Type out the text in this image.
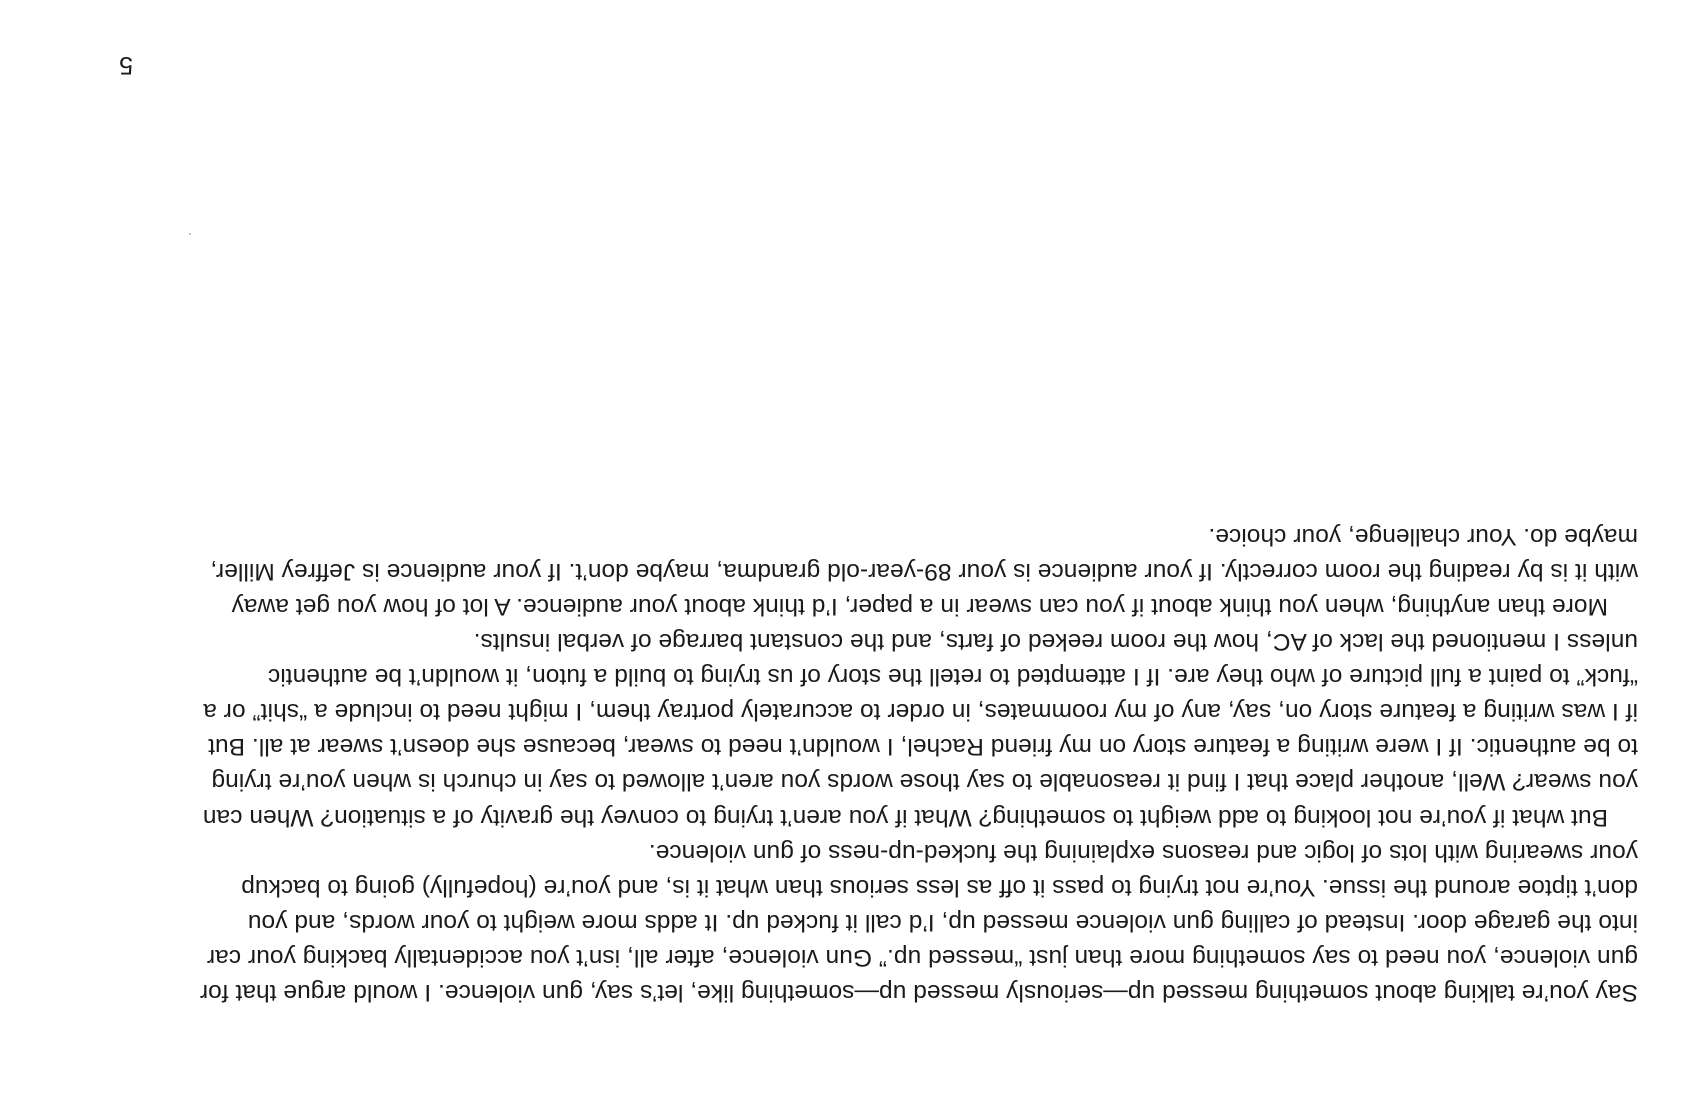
5

Say you’re talking about something messed up—seriously messed up—something like, let’s say, gun violence. I would argue that for gun violence, you need to say something more than just “messed up.” Gun violence, after all, isn’t you accidentally backing your car into the garage door. Instead of calling gun violence messed up, I’d call it fucked up. It adds more weight to your words, and you don’t tiptoe around the issue. You’re not trying to pass it off as less serious than what it is, and you’re (hopefully) going to backup your swearing with lots of logic and reasons explaining the fucked-up-ness of gun violence.

But what if you’re not looking to add weight to something? What if you aren’t trying to convey the gravity of a situation? When can you swear? Well, another place that I find it reasonable to say those words you aren’t allowed to say in church is when you’re trying to be authentic. If I were writing a feature story on my friend Rachel, I wouldn’t need to swear, because she doesn’t swear at all. But if I was writing a feature story on, say, any of my roommates, in order to accurately portray them, I might need to include a “shit” or a “fuck” to paint a full picture of who they are. If I attempted to retell the story of us trying to build a futon, it wouldn’t be authentic unless I mentioned the lack of AC, how the room reeked of farts, and the constant barrage of verbal insults.

More than anything, when you think about if you can swear in a paper, I’d think about your audience. A lot of how you get away with it is by reading the room correctly. If your audience is your 89-year-old grandma, maybe don’t. If your audience is Jeffrey Miller, maybe do. Your challenge, your choice.
